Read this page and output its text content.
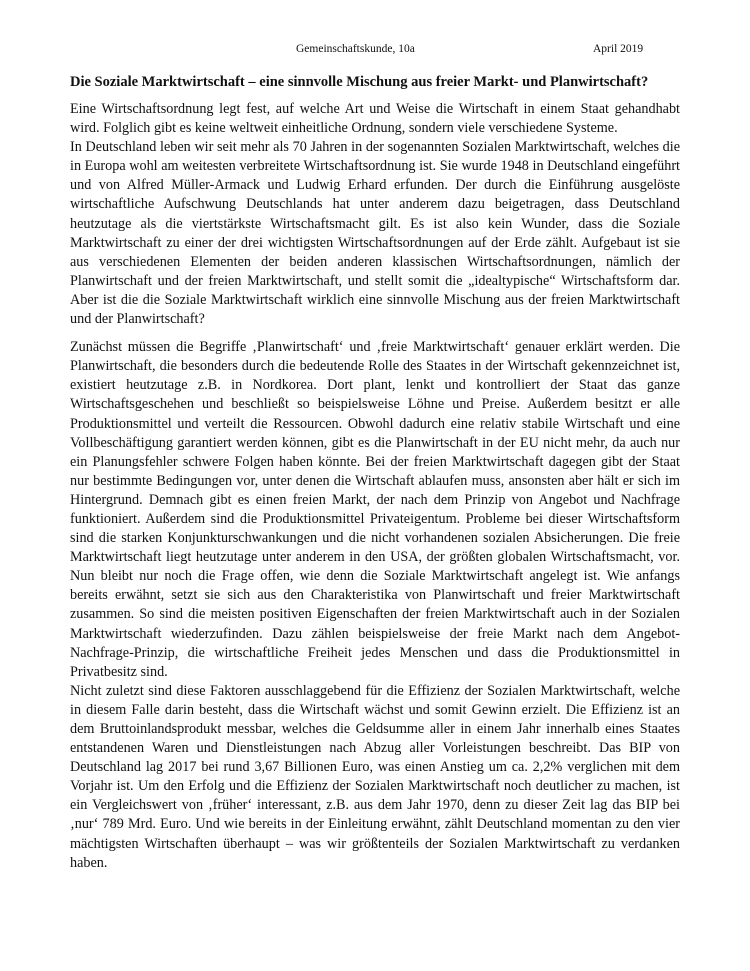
Gemeinschaftskunde, 10a	April 2019
Die Soziale Marktwirtschaft – eine sinnvolle Mischung aus freier Markt- und Planwirtschaft?

Eine Wirtschaftsordnung legt fest, auf welche Art und Weise die Wirtschaft in einem Staat gehandhabt wird. Folglich gibt es keine weltweit einheitliche Ordnung, sondern viele verschiedene Systeme.

In Deutschland leben wir seit mehr als 70 Jahren in der sogenannten Sozialen Marktwirtschaft, welches die in Europa wohl am weitesten verbreitete Wirtschaftsordnung ist. Sie wurde 1948 in Deutschland eingeführt und von Alfred Müller-Armack und Ludwig Erhard erfunden. Der durch die Einführung ausgelöste wirtschaftliche Aufschwung Deutschlands hat unter anderem dazu beigetragen, dass Deutschland heutzutage als die viertstärkste Wirtschaftsmacht gilt. Es ist also kein Wunder, dass die Soziale Marktwirtschaft zu einer der drei wichtigsten Wirtschaftsordnungen auf der Erde zählt. Aufgebaut ist sie aus verschiedenen Elementen der beiden anderen klassischen Wirtschaftsordnungen, nämlich der Planwirtschaft und der freien Marktwirtschaft, und stellt somit die „idealtypische“ Wirtschaftsform dar. Aber ist die die Soziale Marktwirtschaft wirklich eine sinnvolle Mischung aus der freien Marktwirtschaft und der Planwirtschaft?

Zunächst müssen die Begriffe ‚Planwirtschaft‘ und ‚freie Marktwirtschaft‘ genauer erklärt werden. Die Planwirtschaft, die besonders durch die bedeutende Rolle des Staates in der Wirtschaft gekennzeichnet ist, existiert heutzutage z.B. in Nordkorea. Dort plant, lenkt und kontrolliert der Staat das ganze Wirtschaftsgeschehen und beschließt so beispielsweise Löhne und Preise. Außerdem besitzt er alle Produktionsmittel und verteilt die Ressourcen. Obwohl dadurch eine relativ stabile Wirtschaft und eine Vollbeschäftigung garantiert werden können, gibt es die Planwirtschaft in der EU nicht mehr, da auch nur ein Planungsfehler schwere Folgen haben könnte. Bei der freien Marktwirtschaft dagegen gibt der Staat nur bestimmte Bedingungen vor, unter denen die Wirtschaft ablaufen muss, ansonsten aber hält er sich im Hintergrund. Demnach gibt es einen freien Markt, der nach dem Prinzip von Angebot und Nachfrage funktioniert. Außerdem sind die Produktionsmittel Privateigentum. Probleme bei dieser Wirtschaftsform sind die starken Konjunkturschwankungen und die nicht vorhandenen sozialen Absicherungen. Die freie Marktwirtschaft liegt heutzutage unter anderem in den USA, der größten globalen Wirtschaftsmacht, vor. Nun bleibt nur noch die Frage offen, wie denn die Soziale Marktwirtschaft angelegt ist. Wie anfangs bereits erwähnt, setzt sie sich aus den Charakteristika von Planwirtschaft und freier Marktwirtschaft zusammen. So sind die meisten positiven Eigenschaften der freien Marktwirtschaft auch in der Sozialen Marktwirtschaft wiederzufinden. Dazu zählen beispielsweise der freie Markt nach dem Angebot-Nachfrage-Prinzip, die wirtschaftliche Freiheit jedes Menschen und dass die Produktionsmittel in Privatbesitz sind.

Nicht zuletzt sind diese Faktoren ausschlaggebend für die Effizienz der Sozialen Marktwirtschaft, welche in diesem Falle darin besteht, dass die Wirtschaft wächst und somit Gewinn erzielt. Die Effizienz ist an dem Bruttoinlandsprodukt messbar, welches die Geldsumme aller in einem Jahr innerhalb eines Staates entstandenen Waren und Dienstleistungen nach Abzug aller Vorleistungen beschreibt. Das BIP von Deutschland lag 2017 bei rund 3,67 Billionen Euro, was einen Anstieg um ca. 2,2% verglichen mit dem Vorjahr ist. Um den Erfolg und die Effizienz der Sozialen Marktwirtschaft noch deutlicher zu machen, ist ein Vergleichswert von ‚früher‘ interessant, z.B. aus dem Jahr 1970, denn zu dieser Zeit lag das BIP bei ‚nur‘ 789 Mrd. Euro. Und wie bereits in der Einleitung erwähnt, zählt Deutschland momentan zu den vier mächtigsten Wirtschaften überhaupt – was wir größtenteils der Sozialen Marktwirtschaft zu verdanken haben.
